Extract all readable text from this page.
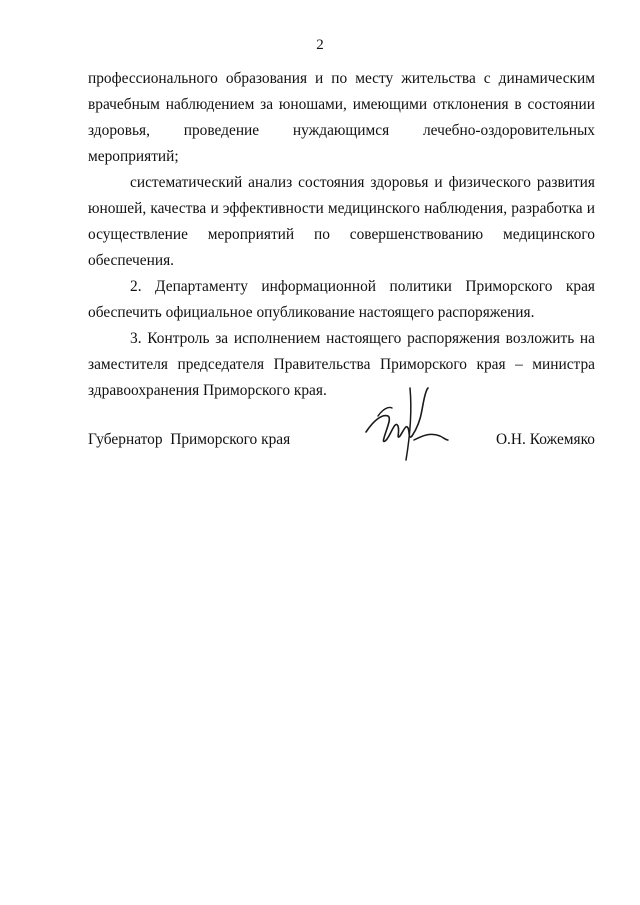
2

профессионального образования и по месту жительства с динамическим врачебным наблюдением за юношами, имеющими отклонения в состоянии здоровья, проведение нуждающимся лечебно-оздоровительных мероприятий;

систематический анализ состояния здоровья и физического развития юношей, качества и эффективности медицинского наблюдения, разработка и осуществление мероприятий по совершенствованию медицинского обеспечения.

2. Департаменту информационной политики Приморского края обеспечить официальное опубликование настоящего распоряжения.

3. Контроль за исполнением настоящего распоряжения возложить на заместителя председателя Правительства Приморского края – министра здравоохранения Приморского края.

Губернатор  Приморского края	О.Н. Кожемяко
